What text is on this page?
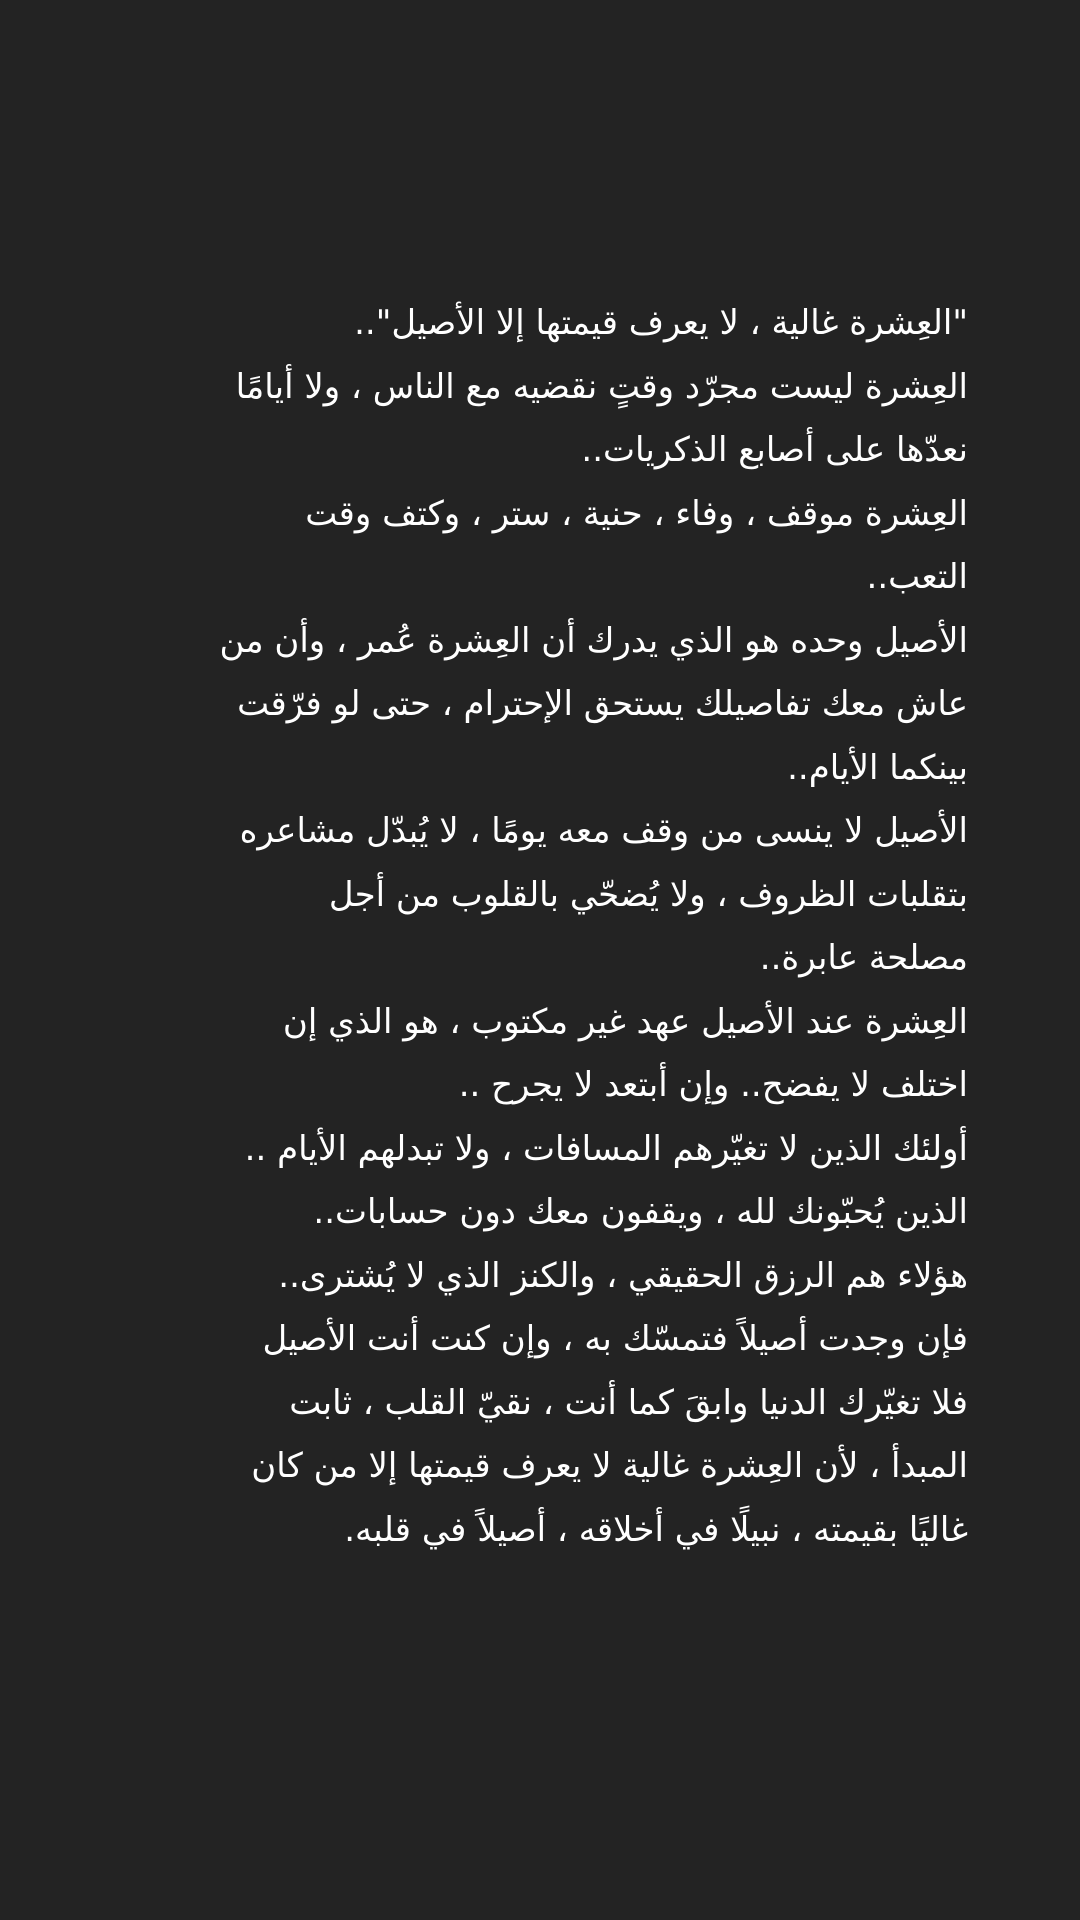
"العِشرة غالية ، لا يعرف قيمتها إلا الأصيل"..
العِشرة ليست مجرّد وقتٍ نقضيه مع الناس ، ولا أيامًا
نعدّها على أصابع الذكريات..
العِشرة موقف ، وفاء ، حنية ، ستر ، وكتف وقت
التعب..
الأصيل وحده هو الذي يدرك أن العِشرة عُمر ، وأن من
عاش معك تفاصيلك يستحق الإحترام ، حتى لو فرّقت
بينكما الأيام..
الأصيل لا ينسى من وقف معه يومًا ، لا يُبدّل مشاعره
بتقلبات الظروف ، ولا يُضحّي بالقلوب من أجل
مصلحة عابرة..
العِشرة عند الأصيل عهد غير مكتوب ، هو الذي إن
اختلف لا يفضح.. وإن أبتعد لا يجرح ..
أولئك الذين لا تغيّرهم المسافات ، ولا تبدلهم الأيام ..
الذين يُحبّونك لله ، ويقفون معك دون حسابات..
هؤلاء هم الرزق الحقيقي ، والكنز الذي لا يُشترى..
فإن وجدت أصيلاً فتمسّك به ، وإن كنت أنت الأصيل
فلا تغيّرك الدنيا وابقَ كما أنت ، نقيّ القلب ، ثابت
المبدأ ، لأن العِشرة غالية لا يعرف قيمتها إلا من كان
غاليًا بقيمته ، نبيلًا في أخلاقه ، أصيلاً في قلبه.
